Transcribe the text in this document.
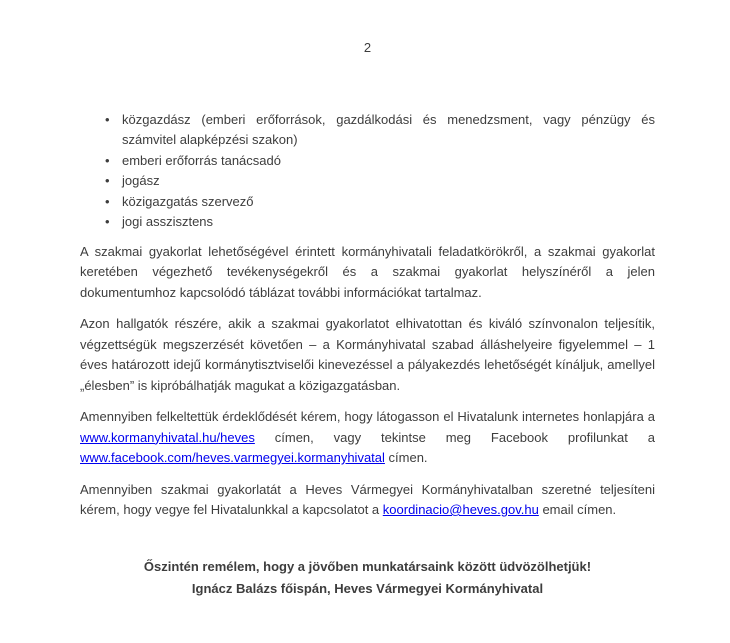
2
• közgazdász (emberi erőforrások, gazdálkodási és menedzsment, vagy pénzügy és számvitel alapképzési szakon)
• emberi erőforrás tanácsadó
• jogász
• közigazgatás szervező
• jogi asszisztens

A szakmai gyakorlat lehetőségével érintett kormányhivatali feladatkörökről, a szakmai gyakorlat keretében végezhető tevékenységekről és a szakmai gyakorlat helyszínéről a jelen dokumentumhoz kapcsolódó táblázat további információkat tartalmaz.

Azon hallgatók részére, akik a szakmai gyakorlatot elhivatottan és kiváló színvonalon teljesítik, végzettségük megszerzését követően – a Kormányhivatal szabad álláshelyeire figyelemmel – 1 éves határozott idejű kormánytisztviselői kinevezéssel a pályakezdés lehetőségét kínáljuk, amellyel „élesben” is kipróbálhatják magukat a közigazgatásban.

Amennyiben felkeltettük érdeklődését kérem, hogy látogasson el Hivatalunk internetes honlapjára a www.kormanyhivatal.hu/heves címen, vagy tekintse meg Facebook profilunkat a www.facebook.com/heves.varmegyei.kormanyhivatal címen.

Amennyiben szakmai gyakorlatát a Heves Vármegyei Kormányhivatalban szeretné teljesíteni kérem, hogy vegye fel Hivatalunkkal a kapcsolatot a koordinacio@heves.gov.hu email címen.

Őszintén remélem, hogy a jövőben munkatársaink között üdvözölhetjük!

Ignácz Balázs főispán, Heves Vármegyei Kormányhivatal
